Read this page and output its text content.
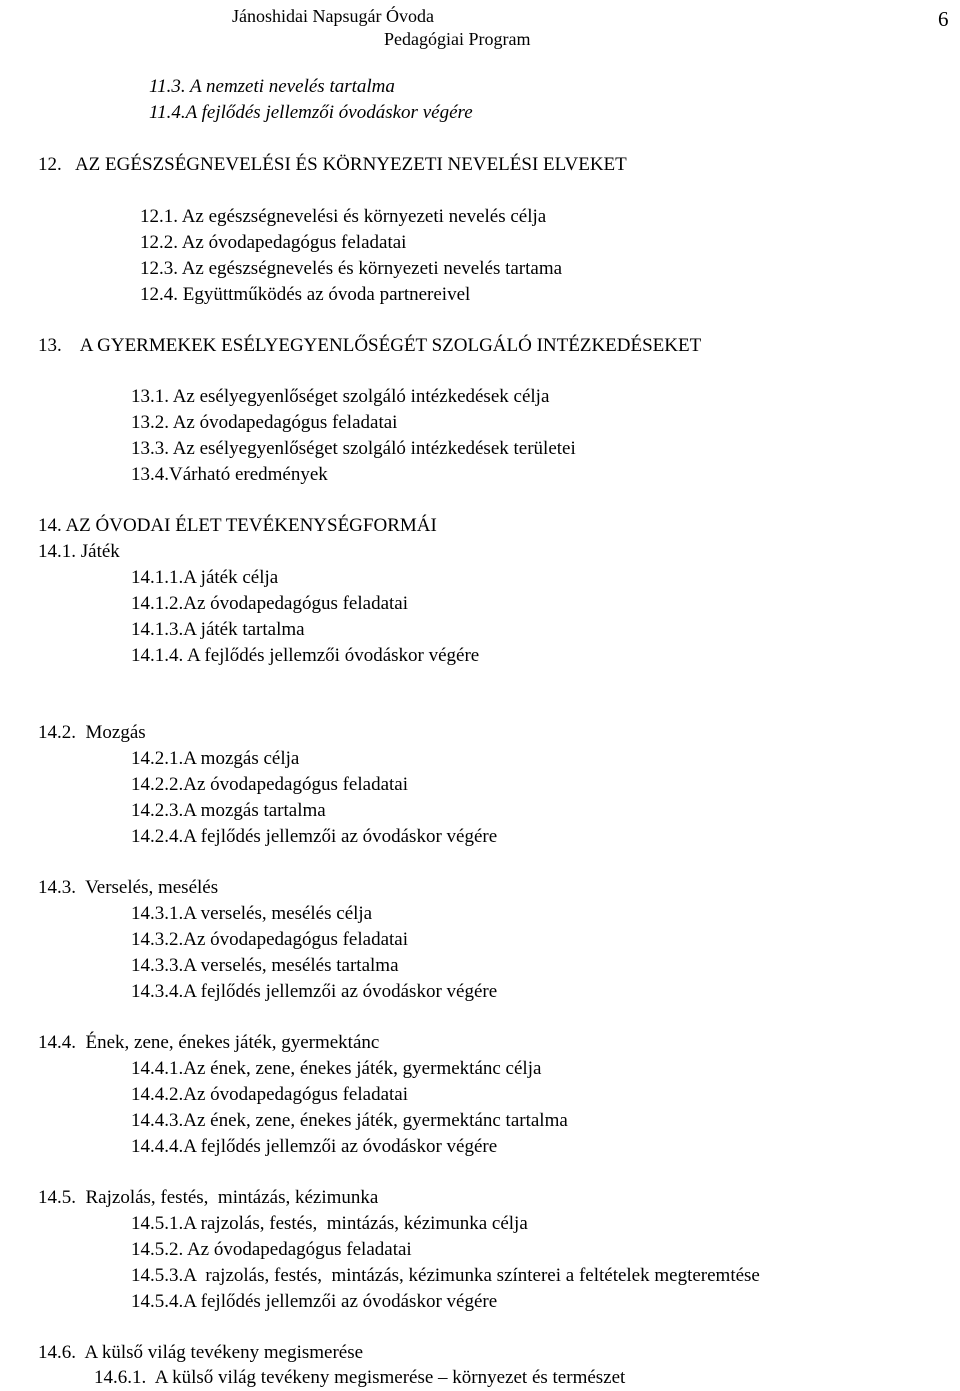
Jánoshidai Napsugár Óvoda
Pedagógiai Program
6
11.3. A nemzeti nevelés tartalma
11.4.A fejlődés jellemzői óvodáskor végére
12.   AZ EGÉSZSÉGNEVELÉSI ÉS KÖRNYEZETI NEVELÉSI ELVEKET
12.1. Az egészségnevelési és környezeti nevelés célja
12.2. Az óvodapedagógus feladatai
12.3. Az egészségnevelés és környezeti nevelés tartama
12.4. Együttműködés az óvoda partnereivel
13.    A GYERMEKEK ESÉLYEGYENLŐSÉGÉT SZOLGÁLÓ INTÉZKEDÉSEKET
13.1. Az esélyegyenlőséget szolgáló intézkedések célja
13.2. Az óvodapedagógus feladatai
13.3. Az esélyegyenlőséget szolgáló intézkedések területei
13.4.Várható eredmények
14. AZ ÓVODAI ÉLET TEVÉKENYSÉGFORMÁI
14.1. Játék
14.1.1.A játék célja
14.1.2.Az óvodapedagógus feladatai
14.1.3.A játék tartalma
14.1.4. A fejlődés jellemzői óvodáskor végére
14.2.  Mozgás
14.2.1.A mozgás célja
14.2.2.Az óvodapedagógus feladatai
14.2.3.A mozgás tartalma
14.2.4.A fejlődés jellemzői az óvodáskor végére
14.3.  Verselés, mesélés
14.3.1.A verselés, mesélés célja
14.3.2.Az óvodapedagógus feladatai
14.3.3.A verselés, mesélés tartalma
14.3.4.A fejlődés jellemzői az óvodáskor végére
14.4.  Ének, zene, énekes játék, gyermektánc
14.4.1.Az ének, zene, énekes játék, gyermektánc célja
14.4.2.Az óvodapedagógus feladatai
14.4.3.Az ének, zene, énekes játék, gyermektánc tartalma
14.4.4.A fejlődés jellemzői az óvodáskor végére
14.5.  Rajzolás, festés,  mintázás, kézimunka
14.5.1.A rajzolás, festés,  mintázás, kézimunka célja
14.5.2. Az óvodapedagógus feladatai
14.5.3.A  rajzolás, festés,  mintázás, kézimunka színterei a feltételek megteremtése
14.5.4.A fejlődés jellemzői az óvodáskor végére
14.6.  A külső világ tevékeny megismerése
14.6.1.  A külső világ tevékeny megismerése – környezet és természet
